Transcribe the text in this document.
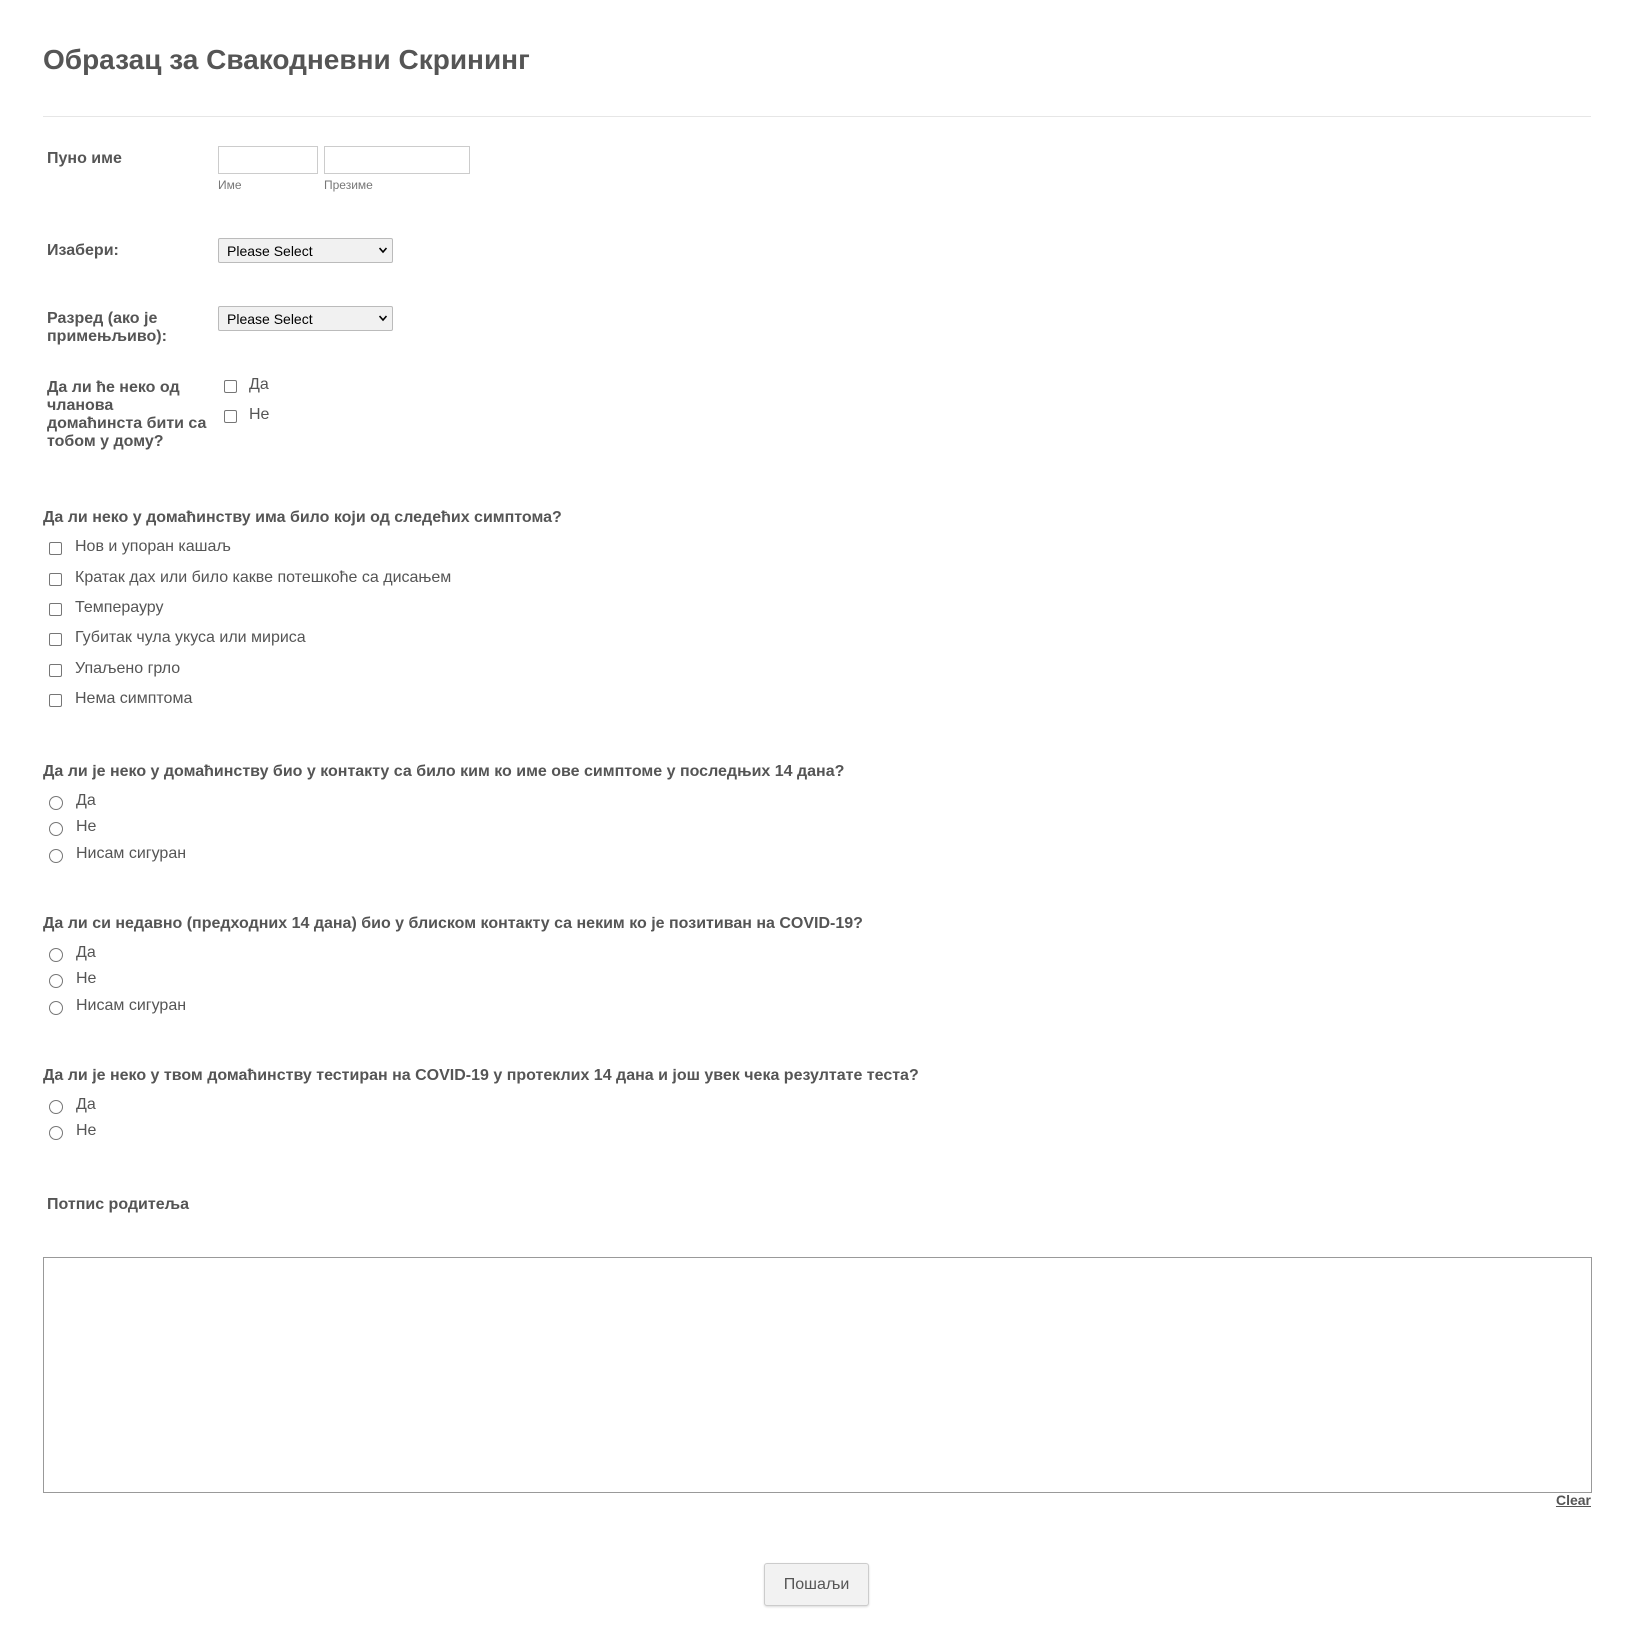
Образац за Свакодневни Скрининг
Пуно име
Име	Презиме
Изабери:	Please Select
Разред (ако је
примењљиво):
Please Select
Да ли ће неко од
чланова
домаћинста бити са
тобом у дому?
Да
Не
Да ли неко у домаћинству има било који од следећих симптома?
Нов и упоран кашаљ
Кратак дах или било какве потешкоће са дисањем
Темперауру
Губитак чула укуса или мириса
Упаљено грло
Нема симптома
Да ли је неко у домаћинству био у контакту са било ким ко име ове симптоме у последњих 14 дана?
Да
Не
Нисам сигуран
Да ли си недавно (предходних 14 дана) био у блиском контакту са неким ко је позитиван на COVID-19?
Да
Не
Нисам сигуран
Да ли је неко у твом домаћинству тестиран на COVID-19 у протеклих 14 дана и још увек чека резултате теста?
Да
Не
Потпис родитеља
Clear
Пошаљи
